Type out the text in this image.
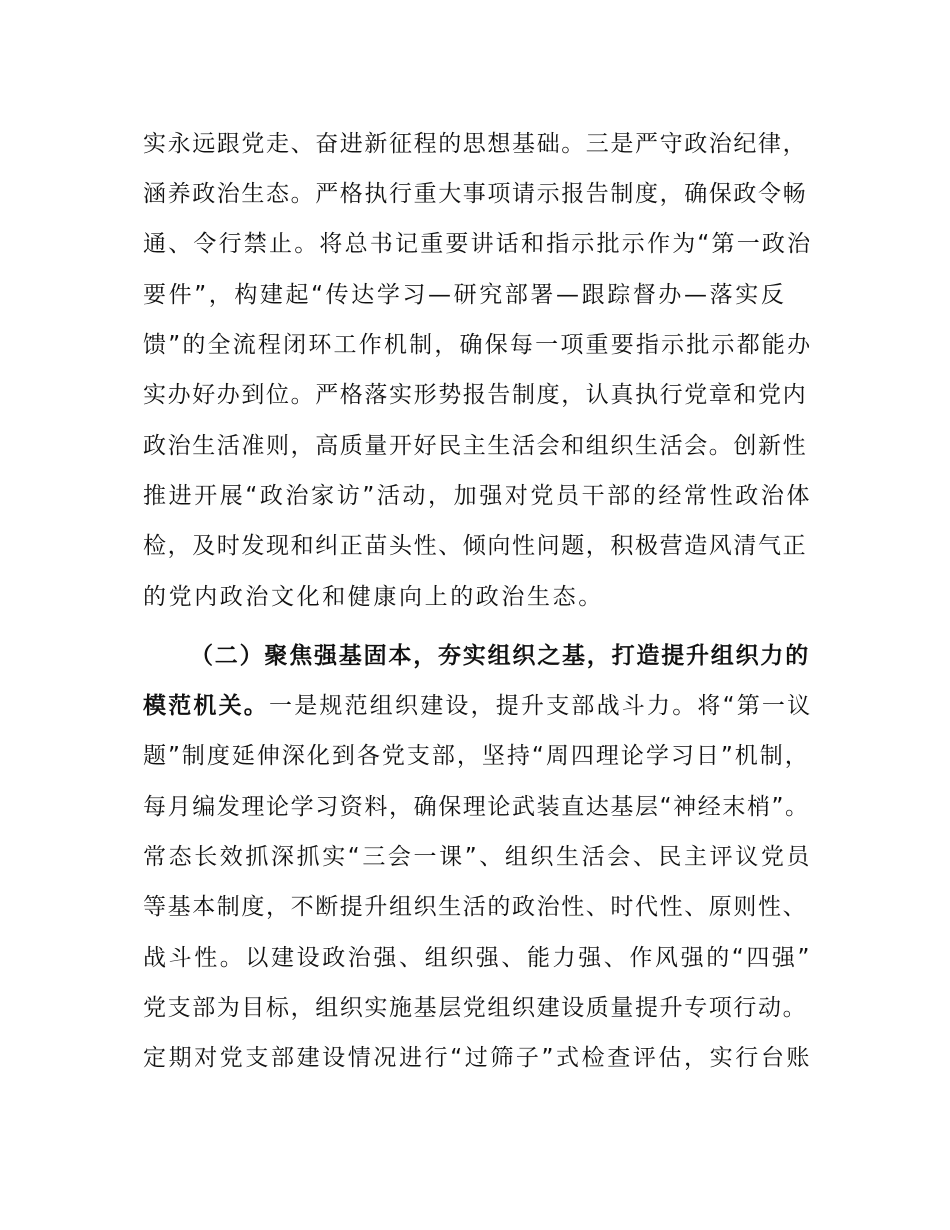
实永远跟党走、奋进新征程的思想基础。三是严守政治纪律，
涵养政治生态。严格执行重大事项请示报告制度，确保政令畅
通、令行禁止。将总书记重要讲话和指示批示作为“第一政治
要件”，构建起“传达学习—研究部署—跟踪督办—落实反
馈”的全流程闭环工作机制，确保每一项重要指示批示都能办
实办好办到位。严格落实形势报告制度，认真执行党章和党内
政治生活准则，高质量开好民主生活会和组织生活会。创新性
推进开展“政治家访”活动，加强对党员干部的经常性政治体
检，及时发现和纠正苗头性、倾向性问题，积极营造风清气正
的党内政治文化和健康向上的政治生态。
（二）聚焦强基固本，夯实组织之基，打造提升组织力的
模范机关。一是规范组织建设，提升支部战斗力。将“第一议
题”制度延伸深化到各党支部，坚持“周四理论学习日”机制，
每月编发理论学习资料，确保理论武装直达基层“神经末梢”。
常态长效抓深抓实“三会一课”、组织生活会、民主评议党员
等基本制度，不断提升组织生活的政治性、时代性、原则性、
战斗性。以建设政治强、组织强、能力强、作风强的“四强”
党支部为目标，组织实施基层党组织建设质量提升专项行动。
定期对党支部建设情况进行“过筛子”式检查评估，实行台账
